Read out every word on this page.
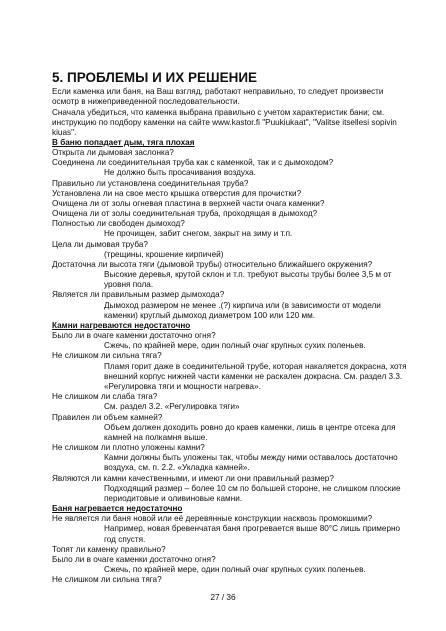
5. ПРОБЛЕМЫ И ИХ РЕШЕНИЕ
Если каменка или баня, на Ваш взгляд, работают неправильно, то следует произвести
осмотр в нижеприведенной последовательности.
Сначала убедиться, что каменка выбрана правильно с учетом характеристик бани; см.
инструкцию по подбору каменки на сайте www.kastor.fi "Puukiukaat", "Valitse itsellesi sopivin
kiuas".
В баню попадает дым, тяга плохая
Открыта ли дымовая заслонка?
Соединена ли соединительная труба как с каменкой, так и с дымоходом?
Не должно быть просачивания воздуха.
Правильно ли установлена соединительная труба?
Установлена ли на свое место крышка отверстия для прочистки?
Очищена ли от золы огневая пластина в верхней части очага каменки?
Очищена ли от золы соединительная труба, проходящая в дымоход?
Полностью ли свободен дымоход?
Не прочищен, забит снегом, закрыт на зиму и т.п.
Цела ли дымовая труба?
(трещины, крошение кирпичей)
Достаточна ли высота тяги (дымовой трубы) относительно ближайшего окружения?
Высокие деревья, крутой склон и т.п. требуют высоты трубы более 3,5 м от
уровня пола.
Является ли правильным размер дымохода?
Дымоход размером не менее .(?) кирпича или (в зависимости от модели
каменки) круглый дымоход диаметром 100 или 120 мм.
Камни нагреваются недостаточно
Было ли в очаге каменки достаточно огня?
Сжечь, по крайней мере, один полный очаг крупных сухих поленьев.
Не слишком ли сильна тяга?
Пламя горит даже в соединительной трубе, которая накаляется докрасна, хотя
внешний корпус нижней части каменки не раскален докрасна. См. раздел 3.3.
«Регулировка тяги и мощности нагрева».
Не слишком ли слаба тяга?
См. раздел 3.2. «Регулировка тяги»
Правилен ли объем камней?
Объем должен доходить ровно до краев каменки, лишь в центре отсека для
камней на полкамня выше.
Не слишком ли плотно уложены камни?
Камни должны быть уложены так, чтобы между ними оставалось достаточно
воздуха, см. п. 2.2. «Укладка камней».
Являются ли камни качественными, и имеют ли они правильный размер?
Подходящий размер – более 10 см по большей стороне, не слишком плоские
периодитовые и оливиновые камни.
Баня нагревается недостаточно
Не является ли баня новой или её деревянные конструкции насквозь промокшими?
Например, новая бревенчатая баня прогревается выше 80°C лишь примерно
год спустя.
Топят ли каменку правильно?
Было ли в очаге каменки достаточно огня?
Сжечь, по крайней мере, один полный очаг крупных сухих поленьев.
Не слишком ли сильна тяга?
27 / 36
